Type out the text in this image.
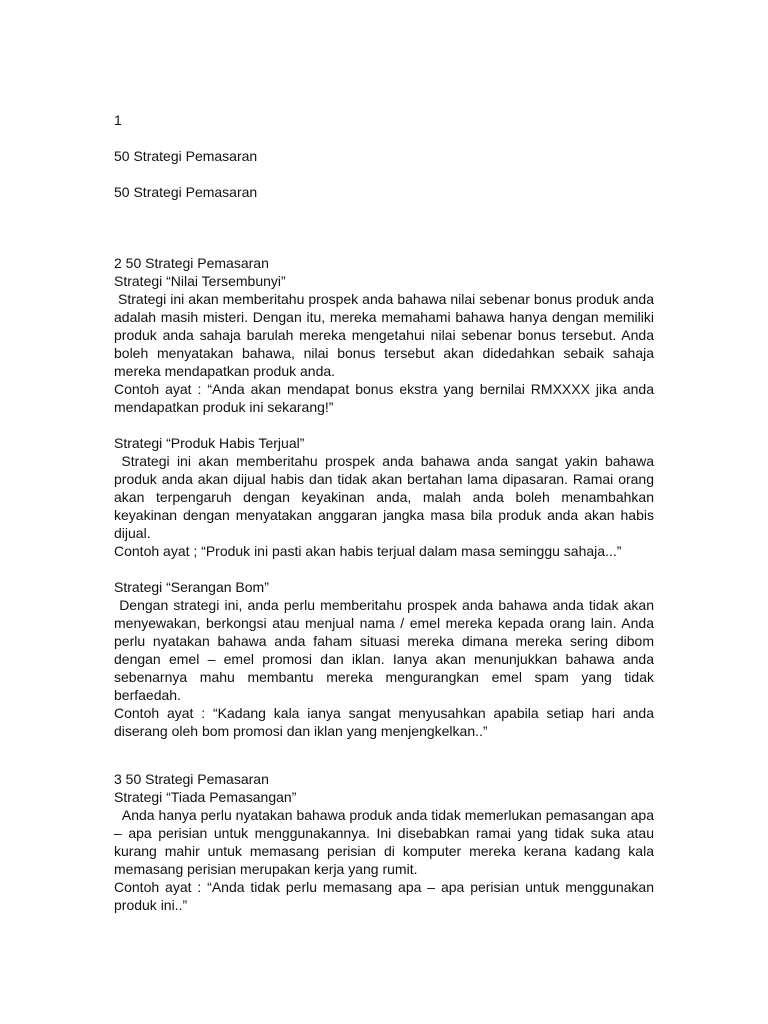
1

50 Strategi Pemasaran

50 Strategi Pemasaran

2 50 Strategi Pemasaran

Strategi “Nilai Tersembunyi”

Strategi ini akan memberitahu prospek anda bahawa nilai sebenar bonus produk anda adalah masih misteri. Dengan itu, mereka memahami bahawa hanya dengan memiliki produk anda sahaja barulah mereka mengetahui nilai sebenar bonus tersebut. Anda boleh menyatakan bahawa, nilai bonus tersebut akan didedahkan sebaik sahaja mereka mendapatkan produk anda.

Contoh ayat : “Anda akan mendapat bonus ekstra yang bernilai RMXXXX jika anda mendapatkan produk ini sekarang!”

Strategi “Produk Habis Terjual”

Strategi ini akan memberitahu prospek anda bahawa anda sangat yakin bahawa produk anda akan dijual habis dan tidak akan bertahan lama dipasaran. Ramai orang akan terpengaruh dengan keyakinan anda, malah anda boleh menambahkan keyakinan dengan menyatakan anggaran jangka masa bila produk anda akan habis dijual.

Contoh ayat ; “Produk ini pasti akan habis terjual dalam masa seminggu sahaja...”

Strategi “Serangan Bom”

Dengan strategi ini, anda perlu memberitahu prospek anda bahawa anda tidak akan menyewakan, berkongsi atau menjual nama / emel mereka kepada orang lain. Anda perlu nyatakan bahawa anda faham situasi mereka dimana mereka sering dibom dengan emel – emel promosi dan iklan. Ianya akan menunjukkan bahawa anda sebenarnya mahu membantu mereka mengurangkan emel spam yang tidak berfaedah.

Contoh ayat : “Kadang kala ianya sangat menyusahkan apabila setiap hari anda diserang oleh bom promosi dan iklan yang menjengkelkan..”

3 50 Strategi Pemasaran

Strategi “Tiada Pemasangan”

Anda hanya perlu nyatakan bahawa produk anda tidak memerlukan pemasangan apa – apa perisian untuk menggunakannya. Ini disebabkan ramai yang tidak suka atau kurang mahir untuk memasang perisian di komputer mereka kerana kadang kala memasang perisian merupakan kerja yang rumit.

Contoh ayat : “Anda tidak perlu memasang apa – apa perisian untuk menggunakan produk ini..”
